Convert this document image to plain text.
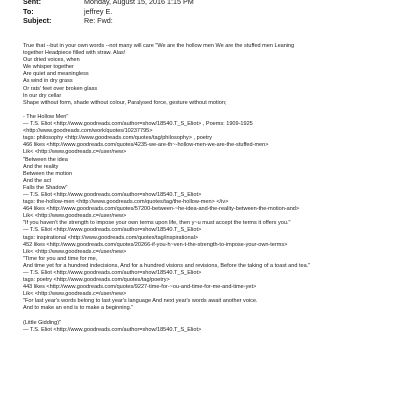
Sent:	Monday, August 15, 2016 1:15 PM
To:	jeffrey E.
Subject:	Re: Fwd:
True that --but in your own words --not many will care "We are the hollow men We are the stuffed men Leaning
together Headpiece filled with straw. Alas!
Our dried voices, when
We whisper together
Are quiet and meaningless
As wind in dry grass
Or rats' feet over broken glass
In our dry cellar
Shape without form, shade without colour, Paralysed force, gesture without motion;
- The Hollow Men"
— T.S. Eliot <http://www.goodreads.com/author=show/18540.T_S_Eliot> , Poems: 1909-1925
<http://www.goodreads.com/work/quotes/10237795>
tags: philosophy <http://www.goodreads.com/quotes/tag/philosophy> , poetry
466 likes <http://www.goodreads.com/quotes/4235-we-are-th~-hollow-men-we-are-the-stuffed-men>
Lik< <http://www.goodreads.c=/user/new>
"Between the idea
And the reality
Between the motion
And the act
Falls the Shadow"
— T.S. Eliot <http://www.goodreads.com/author=show/18540.T_S_Eliot>
tags: the-hollow-men <http://www.goodreads.com/quotes/tag/the-hollow-men> </iv>
464 likes <http://www.goodreads.com/quotes/57200-between-~he-idea-and-the-reality-between-the-motion-and>
Lik< <http://www.goodreads.c=/user/new>
"If you haven't the strength to impose your own terms upon life, then y~u must accept the terms it offers you."
— T.S. Eliot <http://www.goodreads.com/author=show/18540.T_S_Eliot>
tags: inspirational <http://www.goodreads.com/quotes/tag/inspirational>
452 likes <http://www.goodreads.com/quotes/20266-if-you-h~ven-t-the-strength-to-impose-your-own-terms>
Lik< <http://www.goodreads.c=/user/new>
"Time for you and time for me,
And time yet for a hundred indecisions, And for a hundred visions and revisions, Before the taking of a toast and tea."
— T.S. Eliot <http://www.goodreads.com/author=show/18540.T_S_Eliot>
tags: poetry <http://www.goodreads.com/quotes/tag/poetry>
443 likes <http://www.goodreads.com/quotes/9227-time-for-~ou-and-time-for-me-and-time-yet>
Lik< <http://www.goodreads.c=/user/new>
"For last year's words belong to last year's language And next year's words await another voice.
And to make an end is to make a beginning."
(Little Gidding)"
— T.S. Eliot <http://www.goodreads.com/author=show/18540.T_S_Eliot>
